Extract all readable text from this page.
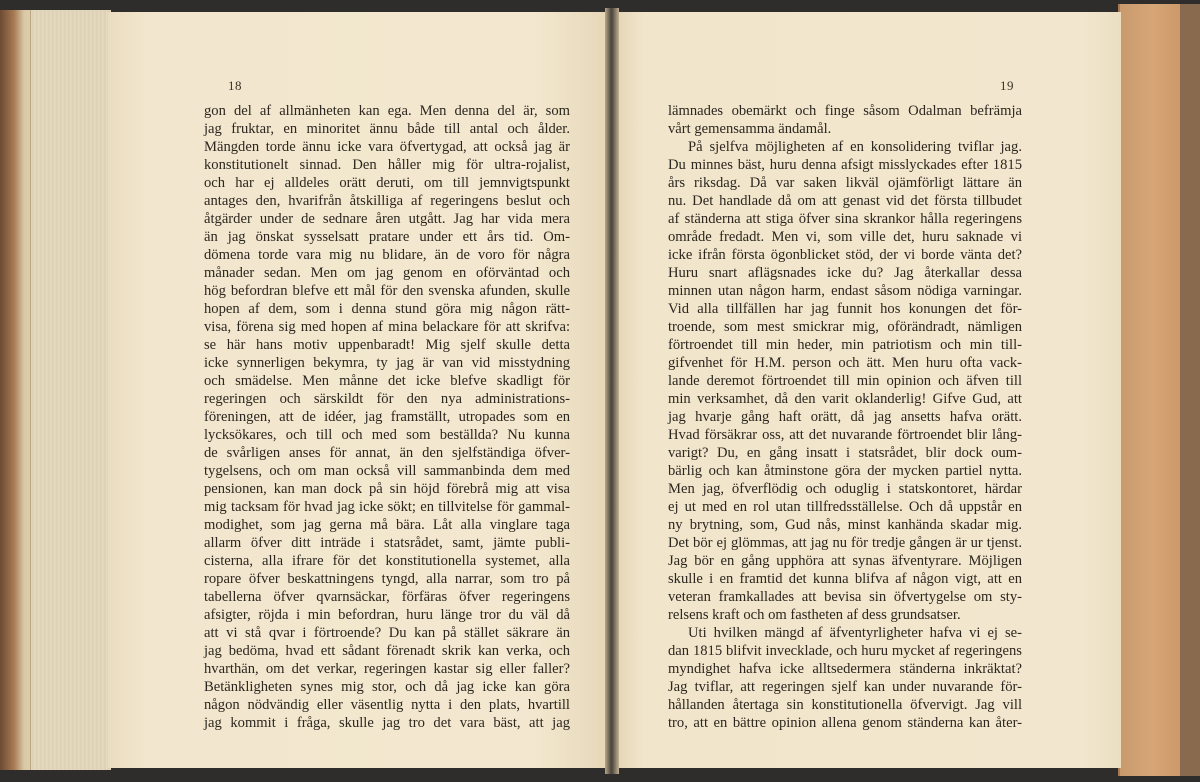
18	19
gon del af allmänheten kan ega. Men denna del är, som
jag fruktar, en minoritet ännu både till antal och ålder.
Mängden torde ännu icke vara öfvertygad, att också jag är
konstitutionelt sinnad. Den håller mig för ultra-rojalist,
och har ej alldeles orätt deruti, om till jemnvigtspunkt
antages den, hvarifrån åtskilliga af regeringens beslut och
åtgärder under de sednare åren utgått. Jag har vida mera
än jag önskat sysselsatt pratare under ett års tid. Om-
dömena torde vara mig nu blidare, än de voro för några
månader sedan. Men om jag genom en oförväntad och
hög befordran blefve ett mål för den svenska afunden, skulle
hopen af dem, som i denna stund göra mig någon rätt-
visa, förena sig med hopen af mina belackare för att skrifva:
se här hans motiv uppenbaradt! Mig sjelf skulle detta
icke synnerligen bekymra, ty jag är van vid misstydning
och smädelse. Men månne det icke blefve skadligt för
regeringen och särskildt för den nya administrations-
föreningen, att de idéer, jag framställt, utropades som en
lycksökares, och till och med som beställda? Nu kunna
de svårligen anses för annat, än den sjelfständiga öfver-
tygelsens, och om man också vill sammanbinda dem med
pensionen, kan man dock på sin höjd förebrå mig att visa
mig tacksam för hvad jag icke sökt; en tillvitelse för gammal-
modighet, som jag gerna må bära. Låt alla vinglare taga
allarm öfver ditt inträde i statsrådet, samt, jämte publi-
cisterna, alla ifrare för det konstitutionella systemet, alla
ropare öfver beskattningens tyngd, alla narrar, som tro på
tabellerna öfver qvarnsäckar, förfäras öfver regeringens
afsigter, röjda i min befordran, huru länge tror du väl då
att vi stå qvar i förtroende? Du kan på stället säkrare än
jag bedöma, hvad ett sådant förenadt skrik kan verka, och
hvarthän, om det verkar, regeringen kastar sig eller faller?
Betänkligheten synes mig stor, och då jag icke kan göra
någon nödvändig eller väsentlig nytta i den plats, hvartill
jag kommit i fråga, skulle jag tro det vara bäst, att jag
lämnades obemärkt och finge såsom Odalman befrämja
vårt gemensamma ändamål.
På sjelfva möjligheten af en konsolidering tviflar jag.
Du minnes bäst, huru denna afsigt misslyckades efter 1815
års riksdag. Då var saken likväl ojämförligt lättare än
nu. Det handlade då om att genast vid det första tillbudet
af ständerna att stiga öfver sina skrankor hålla regeringens
område fredadt. Men vi, som ville det, huru saknade vi
icke ifrån första ögonblicket stöd, der vi borde vänta det?
Huru snart aflägsnades icke du? Jag återkallar dessa
minnen utan någon harm, endast såsom nödiga varningar.
Vid alla tillfällen har jag funnit hos konungen det för-
troende, som mest smickrar mig, oförändradt, nämligen
förtroendet till min heder, min patriotism och min till-
gifvenhet för H.M. person och ätt. Men huru ofta vack-
lande deremot förtroendet till min opinion och äfven till
min verksamhet, då den varit oklanderlig! Gifve Gud, att
jag hvarje gång haft orätt, då jag ansetts hafva orätt.
Hvad försäkrar oss, att det nuvarande förtroendet blir lång-
varigt? Du, en gång insatt i statsrådet, blir dock oum-
bärlig och kan åtminstone göra der mycken partiel nytta.
Men jag, öfverflödig och oduglig i statskontoret, härdar
ej ut med en rol utan tillfredsställelse. Och då uppstår en
ny brytning, som, Gud nås, minst kanhända skadar mig.
Det bör ej glömmas, att jag nu för tredje gången är ur tjenst.
Jag bör en gång upphöra att synas äfventyrare. Möjligen
skulle i en framtid det kunna blifva af någon vigt, att en
veteran framkallades att bevisa sin öfvertygelse om sty-
relsens kraft och om fastheten af dess grundsatser.
Uti hvilken mängd af äfventyrligheter hafva vi ej se-
dan 1815 blifvit invecklade, och huru mycket af regeringens
myndighet hafva icke alltsedermera ständerna inkräktat?
Jag tviflar, att regeringen sjelf kan under nuvarande för-
hållanden återtaga sin konstitutionella öfvervigt. Jag vill
tro, att en bättre opinion allena genom ständerna kan åter-
